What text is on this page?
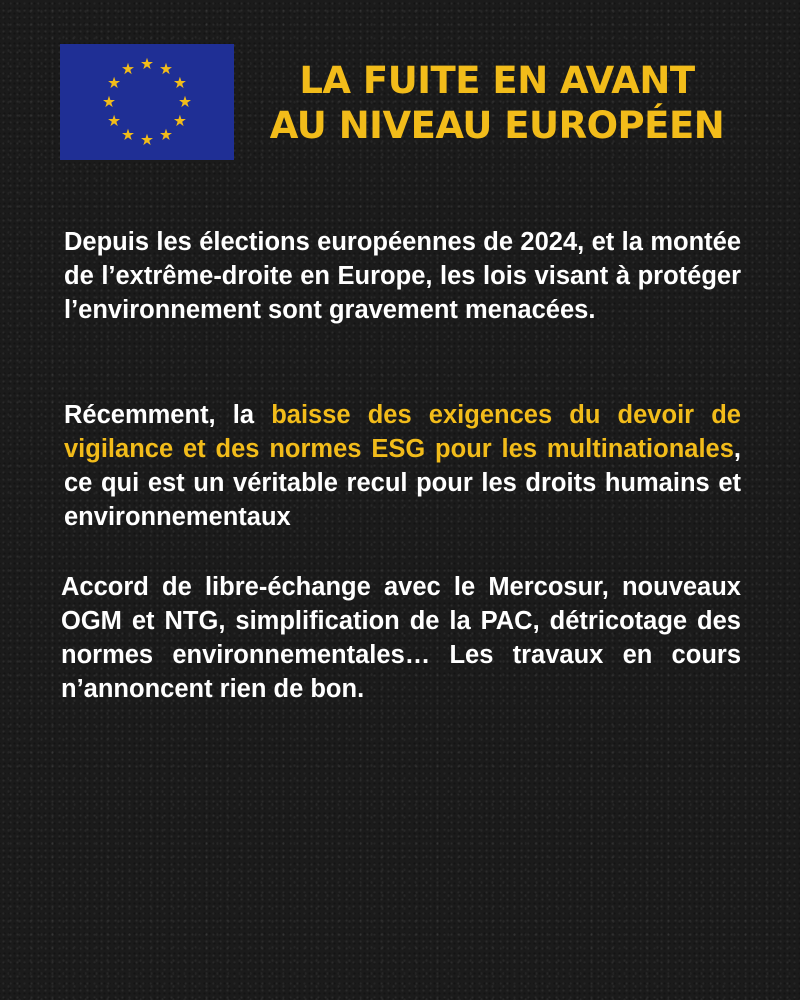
LA FUITE EN AVANT
AU NIVEAU EUROPÉEN

Depuis les élections européennes de 2024, et la montée de l’extrême-droite en Europe, les lois visant à protéger l’environnement sont gravement menacées.

Récemment, la baisse des exigences du devoir de vigilance et des normes ESG pour les multinationales, ce qui est un véritable recul pour les droits humains et environnementaux

Accord de libre-échange avec le Mercosur, nouveaux OGM et NTG, simplification de la PAC, détricotage des normes environnementales… Les travaux en cours n’annoncent rien de bon.
